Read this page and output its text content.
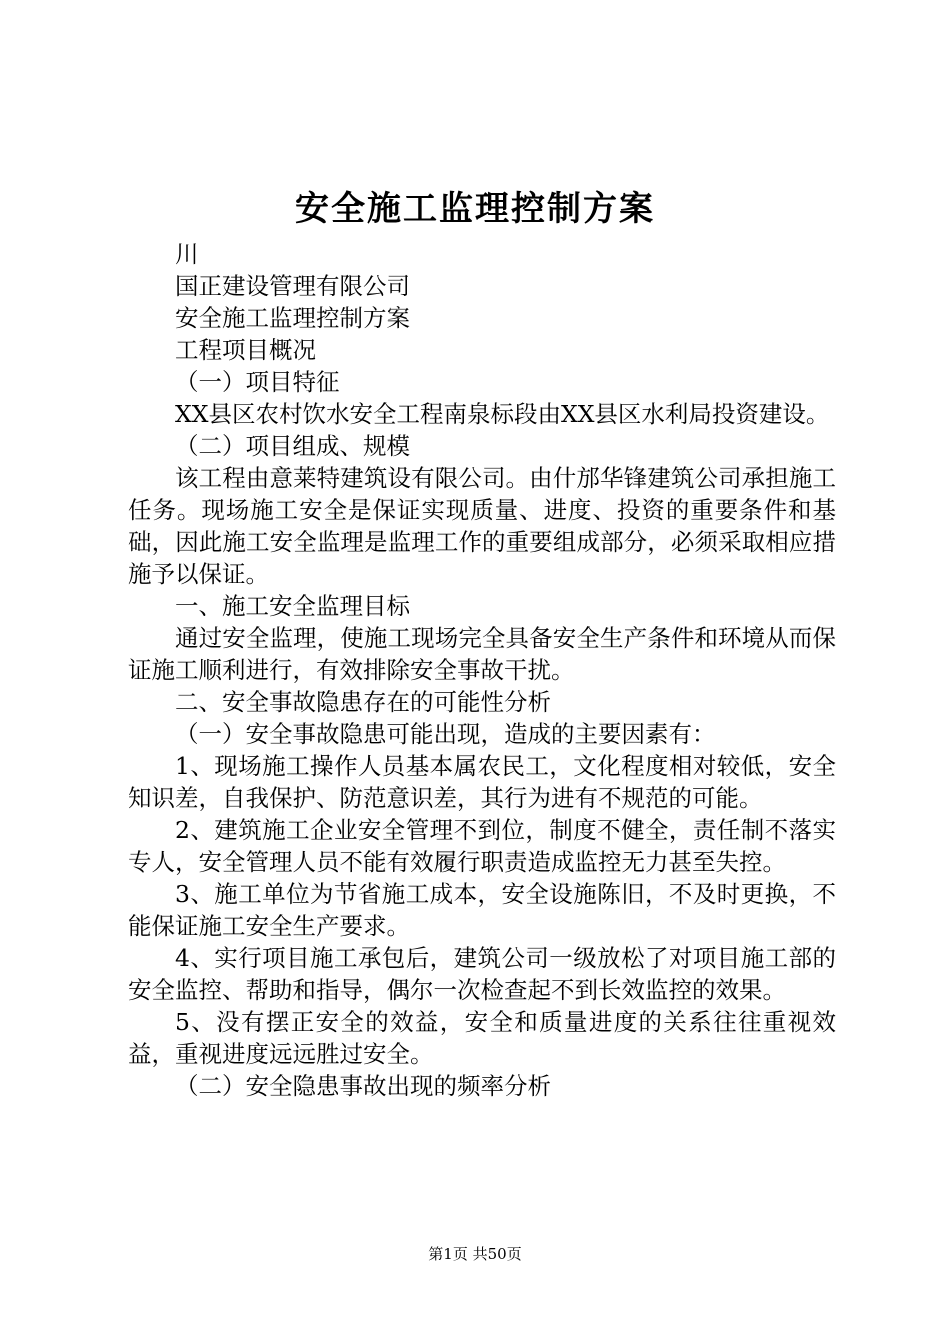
安全施工监理控制方案

川

国正建设管理有限公司

安全施工监理控制方案

工程项目概况

（一）项目特征

XX县区农村饮水安全工程南泉标段由XX县区水利局投资建设。

（二）项目组成、规模

该工程由意莱特建筑设有限公司。由什邡华锋建筑公司承担施工任务。现场施工安全是保证实现质量、进度、投资的重要条件和基础，因此施工安全监理是监理工作的重要组成部分，必须采取相应措施予以保证。

一、施工安全监理目标

通过安全监理，使施工现场完全具备安全生产条件和环境从而保证施工顺利进行，有效排除安全事故干扰。

二、安全事故隐患存在的可能性分析

（一）安全事故隐患可能出现，造成的主要因素有：

1、现场施工操作人员基本属农民工，文化程度相对较低，安全知识差，自我保护、防范意识差，其行为进有不规范的可能。

2、建筑施工企业安全管理不到位，制度不健全，责任制不落实专人，安全管理人员不能有效履行职责造成监控无力甚至失控。

3、施工单位为节省施工成本，安全设施陈旧，不及时更换，不能保证施工安全生产要求。

4、实行项目施工承包后，建筑公司一级放松了对项目施工部的安全监控、帮助和指导，偶尔一次检查起不到长效监控的效果。

5、没有摆正安全的效益，安全和质量进度的关系往往重视效益，重视进度远远胜过安全。

（二）安全隐患事故出现的频率分析

第1页 共50页
